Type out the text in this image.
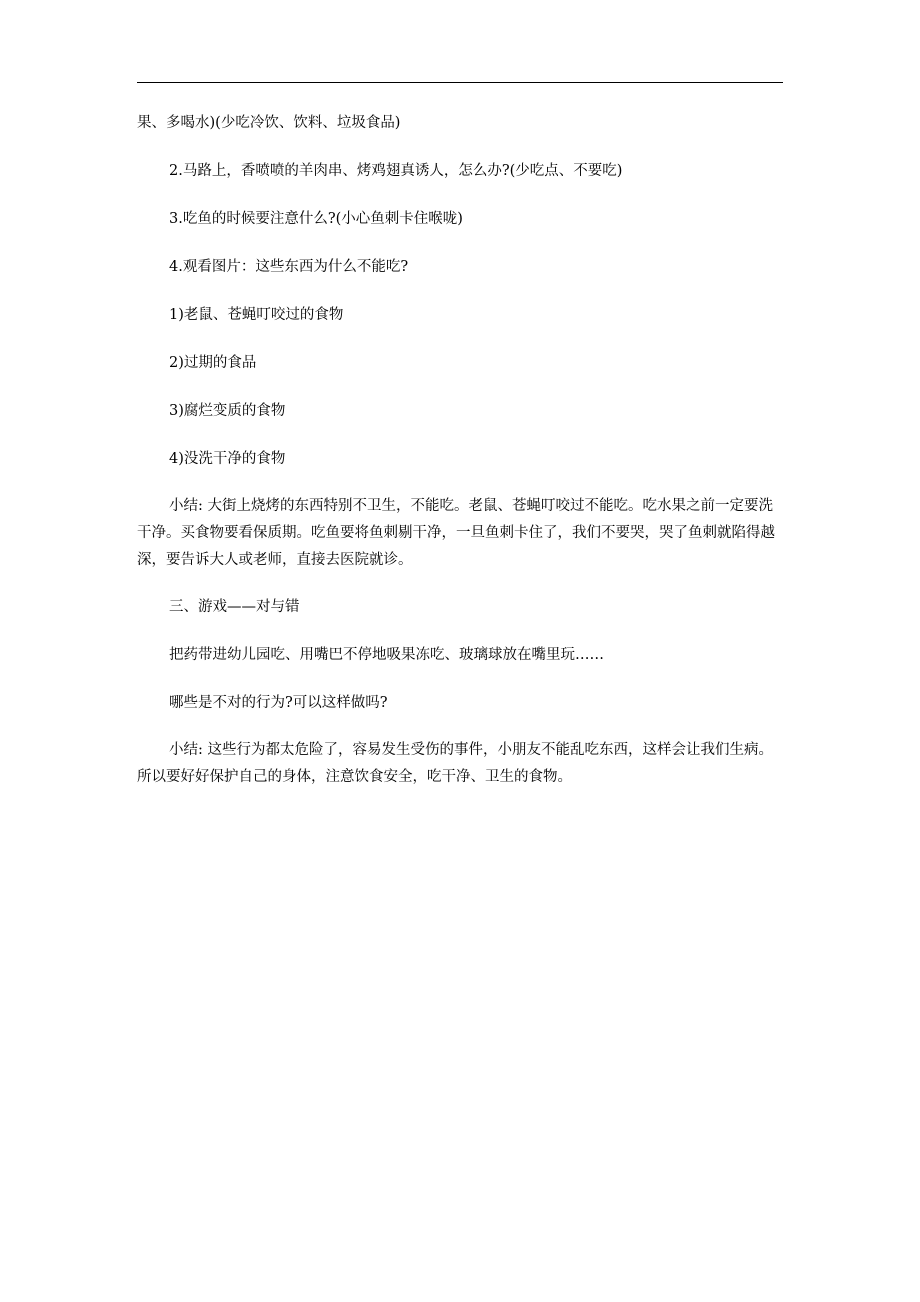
果、多喝水)(少吃冷饮、饮料、垃圾食品)

2.马路上，香喷喷的羊肉串、烤鸡翅真诱人，怎么办?(少吃点、不要吃)

3.吃鱼的时候要注意什么?(小心鱼刺卡住喉咙)

4.观看图片：这些东西为什么不能吃?

1)老鼠、苍蝇叮咬过的食物

2)过期的食品

3)腐烂变质的食物

4)没洗干净的食物

小结: 大街上烧烤的东西特别不卫生，不能吃。老鼠、苍蝇叮咬过不能吃。吃水果之前一定要洗干净。买食物要看保质期。吃鱼要将鱼刺剔干净，一旦鱼刺卡住了，我们不要哭，哭了鱼刺就陷得越深，要告诉大人或老师，直接去医院就诊。

三、游戏——对与错

把药带进幼儿园吃、用嘴巴不停地吸果冻吃、玻璃球放在嘴里玩……

哪些是不对的行为?可以这样做吗?

小结: 这些行为都太危险了，容易发生受伤的事件，小朋友不能乱吃东西，这样会让我们生病。所以要好好保护自己的身体，注意饮食安全，吃干净、卫生的食物。
